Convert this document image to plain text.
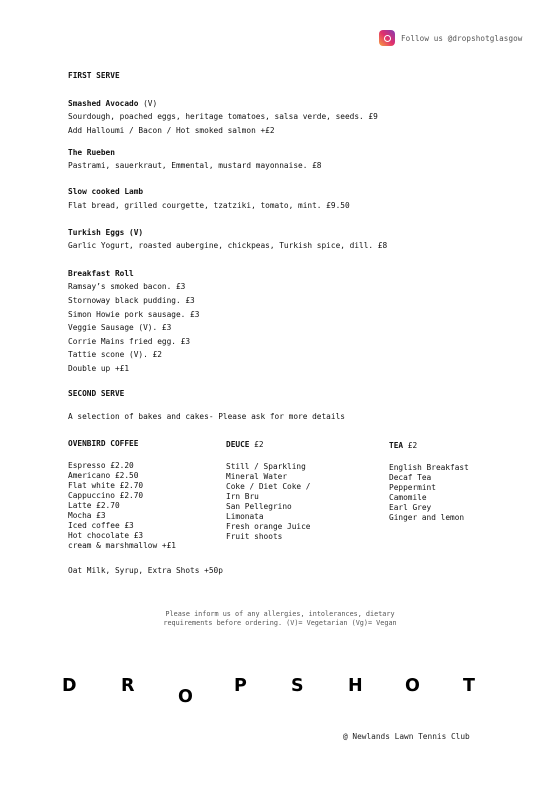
Follow us @dropshotglasgow
FIRST SERVE
Smashed Avocado (V)
Sourdough, poached eggs, heritage tomatoes, salsa verde, seeds. £9
Add Halloumi / Bacon / Hot smoked salmon +£2
The Rueben
Pastrami, sauerkraut, Emmental, mustard mayonnaise. £8
Slow cooked Lamb
Flat bread, grilled courgette, tzatziki, tomato, mint. £9.50
Turkish Eggs (V)
Garlic Yogurt, roasted aubergine, chickpeas, Turkish spice, dill. £8
Breakfast Roll
Ramsay’s smoked bacon. £3
Stornoway black pudding. £3
Simon Howie pork sausage. £3
Veggie Sausage (V). £3
Corrie Mains fried egg. £3
Tattie scone (V). £2
Double up +£1
SECOND SERVE
A selection of bakes and cakes- Please ask for more details
OVENBIRD COFFEE
Espresso £2.20
Americano £2.50
Flat white £2.70
Cappuccino £2.70
Latte £2.70
Mocha £3
Iced coffee £3
Hot chocolate £3
cream & marshmallow +£1
DEUCE £2
Still / Sparkling
Mineral Water
Coke / Diet Coke /
Irn Bru
San Pellegrino
Limonata
Fresh orange Juice
Fruit shoots
TEA £2
English Breakfast
Decaf Tea
Peppermint
Camomile
Earl Grey
Ginger and lemon
Oat Milk, Syrup, Extra Shots +50p
Please inform us of any allergies, intolerances, dietary
requirements before ordering. (V)= Vegetarian (Vg)= Vegan
D	R
O
P	S	H O T
@ Newlands Lawn Tennis Club
